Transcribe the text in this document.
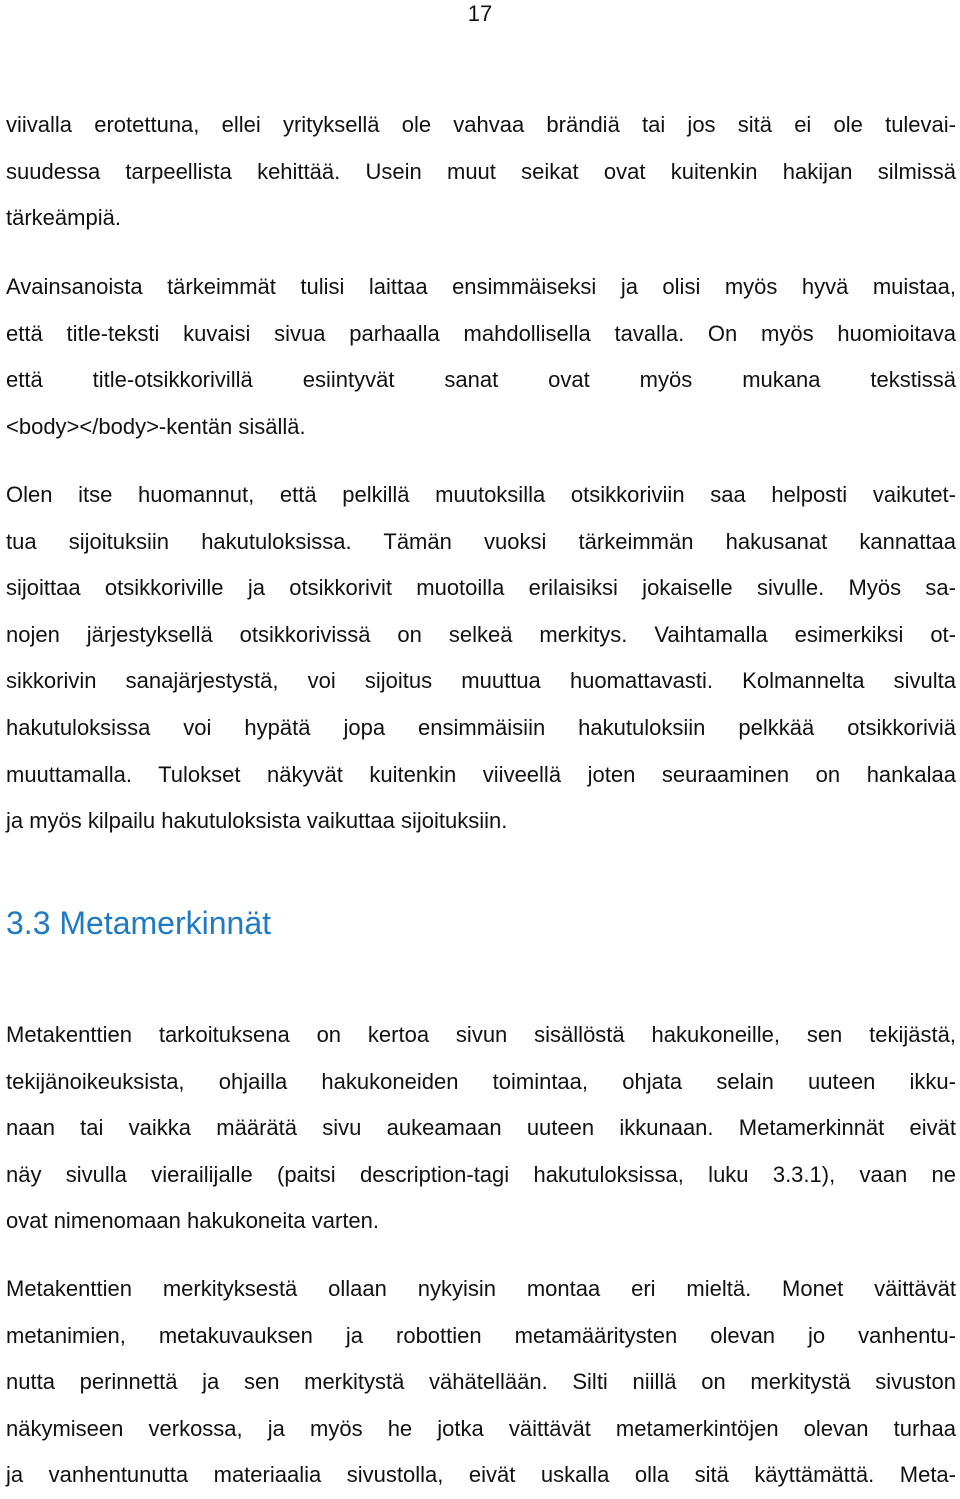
17
viivalla erotettuna, ellei yrityksellä ole vahvaa brändiä tai jos sitä ei ole tulevai-
suudessa tarpeellista kehittää. Usein muut seikat ovat kuitenkin hakijan silmissä
tärkeämpiä.
Avainsanoista tärkeimmät tulisi laittaa ensimmäiseksi ja olisi myös hyvä muistaa,
että title-teksti kuvaisi sivua parhaalla mahdollisella tavalla. On myös huomioitava
että title-otsikkorivillä esiintyvät sanat ovat myös mukana tekstissä
<body></body>-kentän sisällä.
Olen itse huomannut, että pelkillä muutoksilla otsikkoriviin saa helposti vaikutet-
tua sijoituksiin hakutuloksissa. Tämän vuoksi tärkeimmän hakusanat kannattaa
sijoittaa otsikkoriville ja otsikkorivit muotoilla erilaisiksi jokaiselle sivulle. Myös sa-
nojen järjestyksellä otsikkorivissä on selkeä merkitys. Vaihtamalla esimerkiksi ot-
sikkorivin sanajärjestystä, voi sijoitus muuttua huomattavasti. Kolmannelta sivulta
hakutuloksissa voi hypätä jopa ensimmäisiin hakutuloksiin pelkkää otsikkoriviä
muuttamalla. Tulokset näkyvät kuitenkin viiveellä joten seuraaminen on hankalaa
ja myös kilpailu hakutuloksista vaikuttaa sijoituksiin.
3.3 Metamerkinnät
Metakenttien tarkoituksena on kertoa sivun sisällöstä hakukoneille, sen tekijästä,
tekijänoikeuksista, ohjailla hakukoneiden toimintaa, ohjata selain uuteen ikku-
naan tai vaikka määrätä sivu aukeamaan uuteen ikkunaan. Metamerkinnät eivät
näy sivulla vierailijalle (paitsi description-tagi hakutuloksissa, luku 3.3.1), vaan ne
ovat nimenomaan hakukoneita varten.
Metakenttien merkityksestä ollaan nykyisin montaa eri mieltä. Monet väittävät
metanimien, metakuvauksen ja robottien metamääritysten olevan jo vanhentu-
nutta perinnettä ja sen merkitystä vähätellään. Silti niillä on merkitystä sivuston
näkymiseen verkossa, ja myös he jotka väittävät metamerkintöjen olevan turhaa
ja vanhentunutta materiaalia sivustolla, eivät uskalla olla sitä käyttämättä. Meta-
